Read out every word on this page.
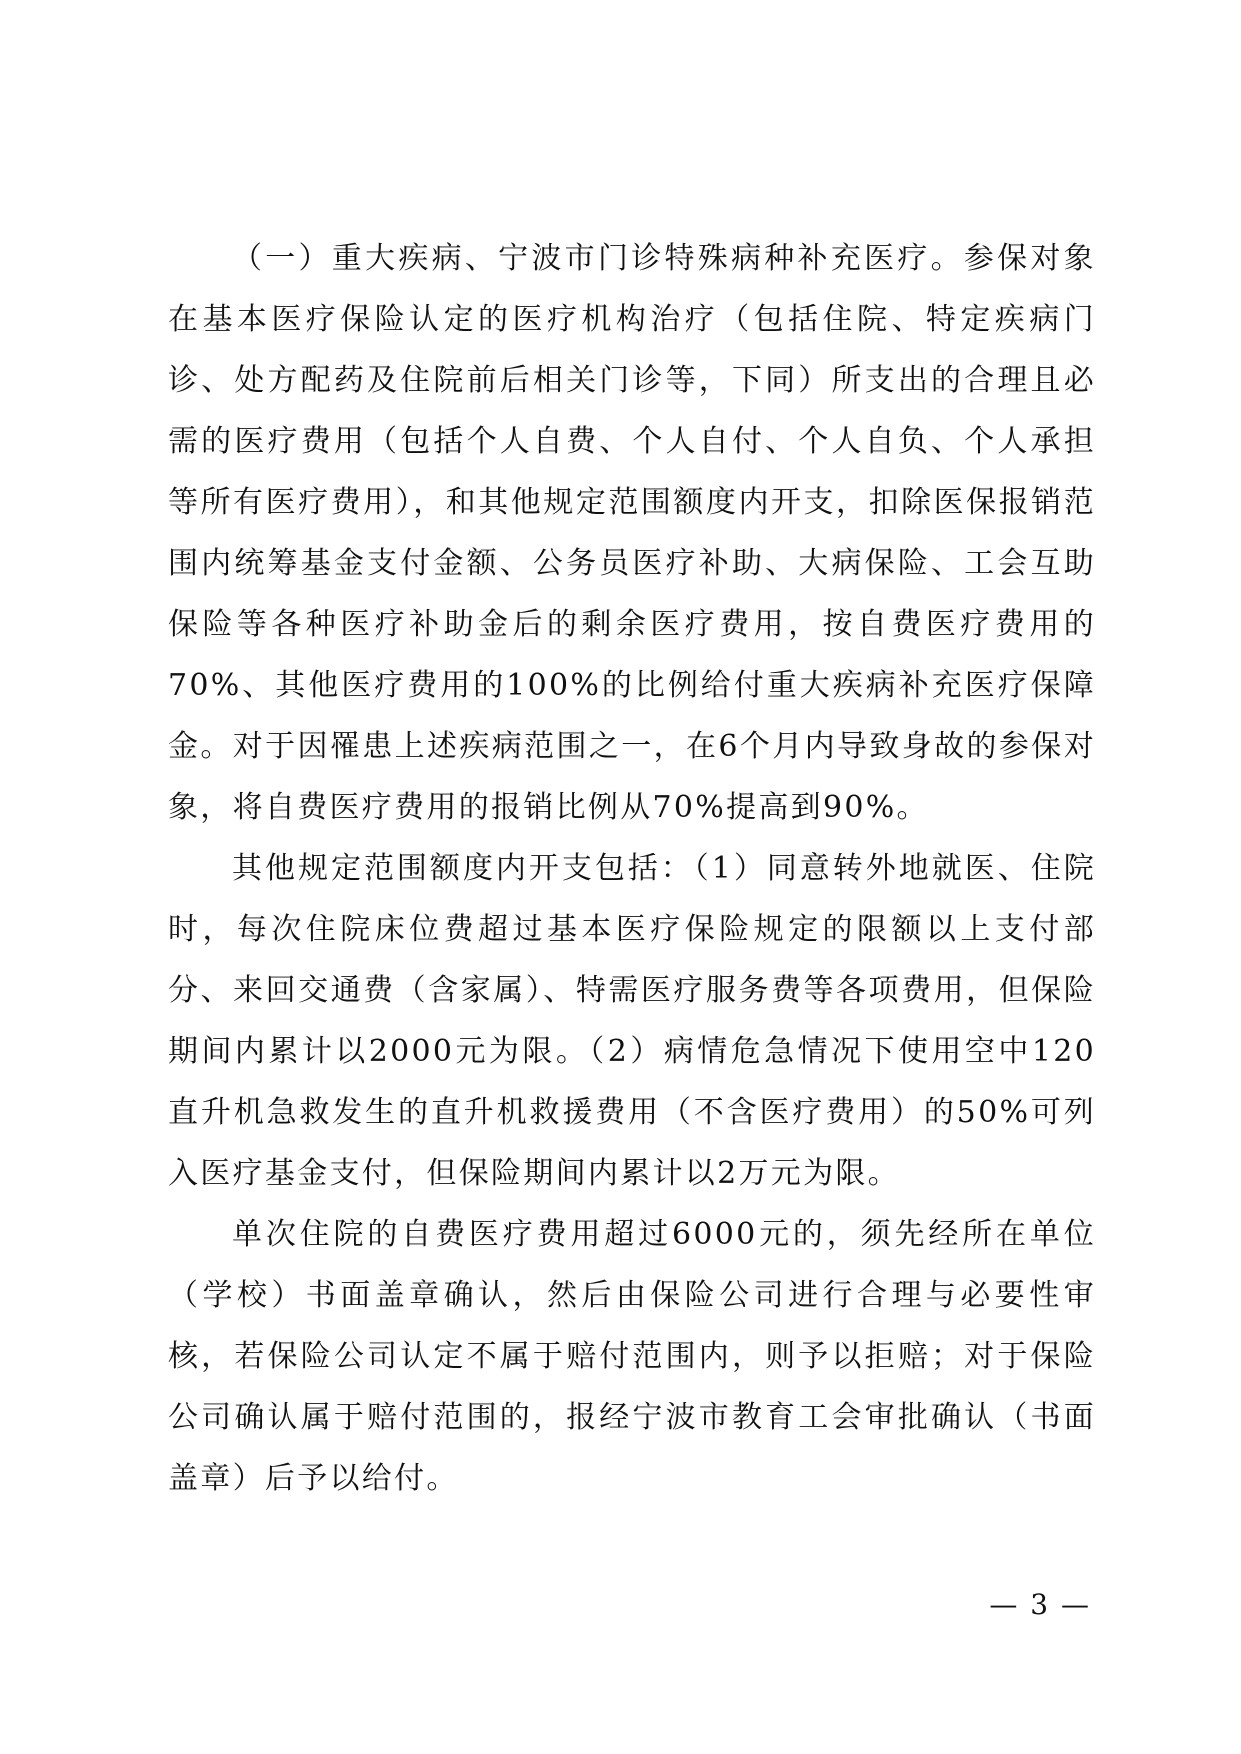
（一）重大疾病、宁波市门诊特殊病种补充医疗。参保对象在基本医疗保险认定的医疗机构治疗（包括住院、特定疾病门诊、处方配药及住院前后相关门诊等，下同）所支出的合理且必需的医疗费用（包括个人自费、个人自付、个人自负、个人承担等所有医疗费用），和其他规定范围额度内开支，扣除医保报销范围内统筹基金支付金额、公务员医疗补助、大病保险、工会互助保险等各种医疗补助金后的剩余医疗费用，按自费医疗费用的70%、其他医疗费用的100%的比例给付重大疾病补充医疗保障金。对于因罹患上述疾病范围之一，在6个月内导致身故的参保对象，将自费医疗费用的报销比例从70%提高到90%。

其他规定范围额度内开支包括：（1）同意转外地就医、住院时，每次住院床位费超过基本医疗保险规定的限额以上支付部分、来回交通费（含家属）、特需医疗服务费等各项费用，但保险期间内累计以2000元为限。（2）病情危急情况下使用空中120直升机急救发生的直升机救援费用（不含医疗费用）的50%可列入医疗基金支付，但保险期间内累计以2万元为限。

单次住院的自费医疗费用超过6000元的，须先经所在单位（学校）书面盖章确认，然后由保险公司进行合理与必要性审核，若保险公司认定不属于赔付范围内，则予以拒赔；对于保险公司确认属于赔付范围的，报经宁波市教育工会审批确认（书面盖章）后予以给付。

— 3 —
